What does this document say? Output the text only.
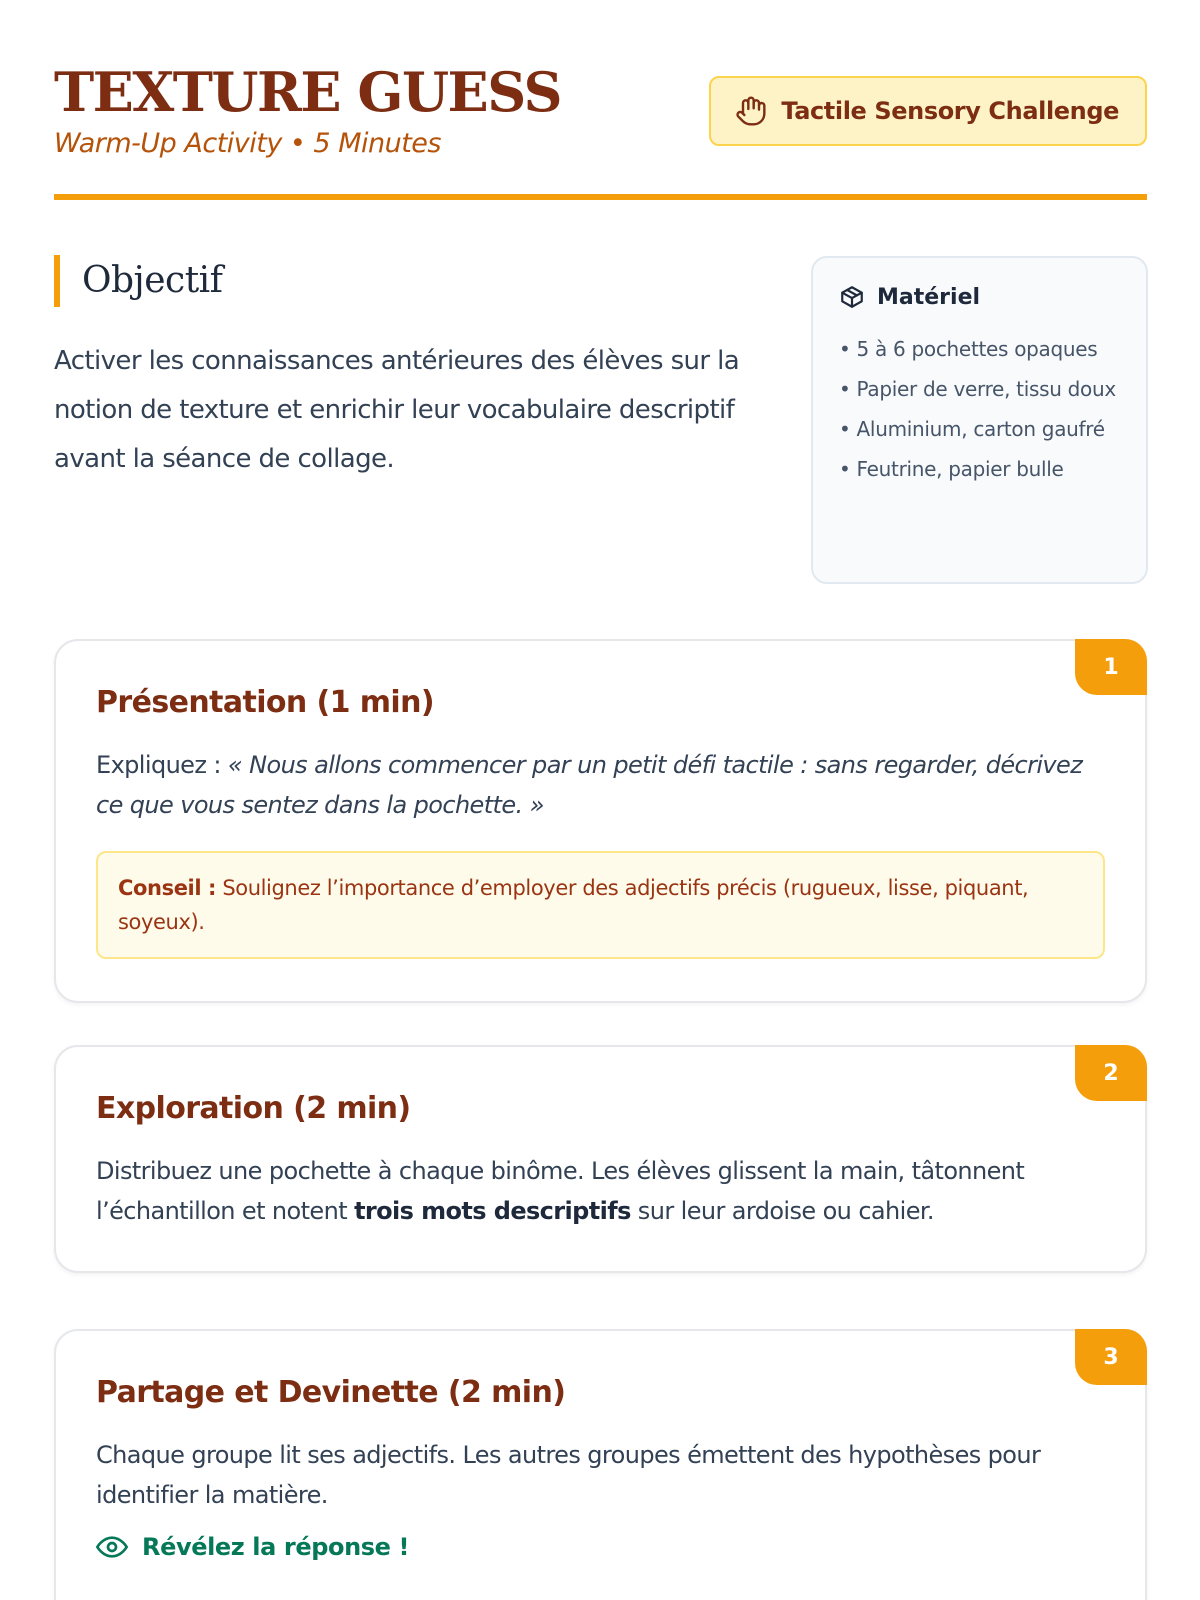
TEXTURE GUESS
Warm-Up Activity • 5 Minutes
Tactile Sensory Challenge
Objectif

Activer les connaissances antérieures des élèves sur la notion de texture et enrichir leur vocabulaire descriptif avant la séance de collage.

Matériel
• 5 à 6 pochettes opaques
• Papier de verre, tissu doux
• Aluminium, carton gaufré
• Feutrine, papier bulle
1
Présentation (1 min)

Expliquez : « Nous allons commencer par un petit défi tactile : sans regarder, décrivez ce que vous sentez dans la pochette. »

Conseil : Soulignez l’importance d’employer des adjectifs précis (rugueux, lisse, piquant, soyeux).
2
Exploration (2 min)

Distribuez une pochette à chaque binôme. Les élèves glissent la main, tâtonnent l’échantillon et notent trois mots descriptifs sur leur ardoise ou cahier.

3
Partage et Devinette (2 min)

Chaque groupe lit ses adjectifs. Les autres groupes émettent des hypothèses pour identifier la matière.

Révélez la réponse !
